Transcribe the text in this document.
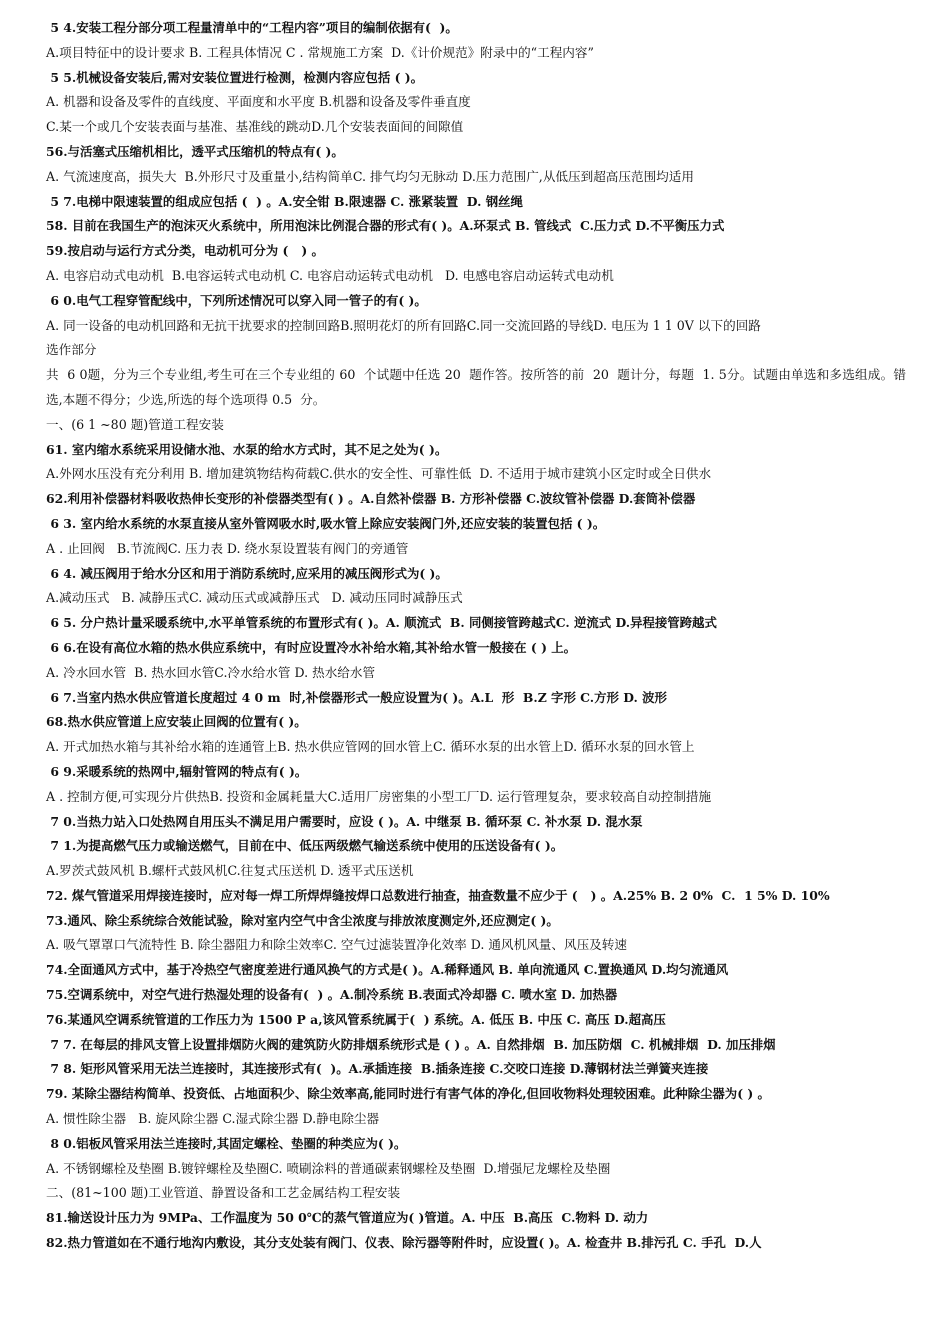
5 4.安装工程分部分项工程量清单中的“工程内容”项目的编制依据有(  )。

A.项目特征中的设计要求 B. 工程具体情况 C . 常规施工方案  D.《计价规范》附录中的“工程内容”

5 5.机械设备安装后,需对安装位置进行检测，检测内容应包括 ( )。

A. 机器和设备及零件的直线度、平面度和水平度 B.机器和设备及零件垂直度

C.某一个或几个安装表面与基准、基准线的跳动D.几个安装表面间的间隙值

56.与活塞式压缩机相比，透平式压缩机的特点有( )。

A. 气流速度高，损失大  B.外形尺寸及重量小,结构简单C. 排气均匀无脉动 D.压力范围广,从低压到超高压范围均适用

5 7.电梯中限速装置的组成应包括 (  ) 。A.安全钳 B.限速器 C. 涨紧装置  D. 钢丝绳

58. 目前在我国生产的泡沫灭火系统中，所用泡沫比例混合器的形式有( )。A.环泵式 B. 管线式  C.压力式 D.不平衡压力式

59.按启动与运行方式分类，电动机可分为 (   ) 。

A. 电容启动式电动机  B.电容运转式电动机 C. 电容启动运转式电动机   D. 电感电容启动运转式电动机

6 0.电气工程穿管配线中，下列所述情况可以穿入同一管子的有( )。

A. 同一设备的电动机回路和无抗干扰要求的控制回路B.照明花灯的所有回路C.同一交流回路的导线D. 电压为 1 1 0V 以下的回路

选作部分

共  6 0题，分为三个专业组,考生可在三个专业组的 60  个试题中任选 20  题作答。按所答的前  20  题计分，每题  1. 5分。试题由单选和多选组成。错选,本题不得分；少选,所选的每个选项得 0.5  分。

一、(6 1 ~80 题)管道工程安装

61. 室内缩水系统采用设储水池、水泵的给水方式时，其不足之处为( )。

A.外网水压没有充分利用 B. 增加建筑物结构荷载C.供水的安全性、可靠性低  D. 不适用于城市建筑小区定时或全日供水

62.利用补偿器材料吸收热伸长变形的补偿器类型有( ) 。A.自然补偿器 B. 方形补偿器 C.波纹管补偿器 D.套筒补偿器

6 3. 室内给水系统的水泵直接从室外管网吸水时,吸水管上除应安装阀门外,还应安装的装置包括 ( )。

A . 止回阀   B.节流阀C. 压力表 D. 绕水泵设置装有阀门的旁通管

6 4. 减压阀用于给水分区和用于消防系统时,应采用的减压阀形式为( )。

A.减动压式   B. 减静压式C. 减动压式或减静压式   D. 减动压同时减静压式

6 5. 分户热计量采暖系统中,水平单管系统的布置形式有( )。A. 顺流式  B. 同侧接管跨越式C. 逆流式 D.异程接管跨越式

6 6.在设有高位水箱的热水供应系统中，有时应设置冷水补给水箱,其补给水管一般接在 ( ) 上。

A. 冷水回水管  B. 热水回水管C.冷水给水管 D. 热水给水管

6 7.当室内热水供应管道长度超过 4 0 m  时,补偿器形式一般应设置为( )。A.L  形  B.Z 字形 C.方形 D. 波形

68.热水供应管道上应安装止回阀的位置有( )。

A. 开式加热水箱与其补给水箱的连通管上B. 热水供应管网的回水管上C. 循环水泵的出水管上D. 循环水泵的回水管上

6 9.采暖系统的热网中,辐射管网的特点有( )。

A . 控制方便,可实现分片供热B. 投资和金属耗量大C.适用厂房密集的小型工厂D. 运行管理复杂，要求较高自动控制措施

7 0.当热力站入口处热网自用压头不满足用户需要时，应设 ( )。A. 中继泵 B. 循环泵 C. 补水泵 D. 混水泵

7 1.为提高燃气压力或输送燃气，目前在中、低压两级燃气输送系统中使用的压送设备有( )。

A.罗茨式鼓风机 B.螺杆式鼓风机C.往复式压送机 D. 透平式压送机

72. 煤气管道采用焊接连接时，应对每一焊工所焊焊缝按焊口总数进行抽查，抽查数量不应少于 (   ) 。A.25% B. 2 0%  C.  1 5% D. 10%

73.通风、除尘系统综合效能试验，除对室内空气中含尘浓度与排放浓度测定外,还应测定( )。

A. 吸气罩罩口气流特性 B. 除尘器阻力和除尘效率C. 空气过滤装置净化效率 D. 通风机风量、风压及转速

74.全面通风方式中，基于冷热空气密度差进行通风换气的方式是( )。A.稀释通风 B. 单向流通风 C.置换通风 D.均匀流通风

75.空调系统中，对空气进行热湿处理的设备有(  ) 。A.制冷系统 B.表面式冷却器 C. 喷水室 D. 加热器

76.某通风空调系统管道的工作压力为 1500 P a,该风管系统属于(  ) 系统。A. 低压 B. 中压 C. 高压 D.超高压

7 7. 在每层的排风支管上设置排烟防火阀的建筑防火防排烟系统形式是 ( ) 。A. 自然排烟  B. 加压防烟  C. 机械排烟  D. 加压排烟

7 8. 矩形风管采用无法兰连接时，其连接形式有(  )。A.承插连接  B.插条连接 C.交咬口连接 D.薄钢材法兰弹簧夹连接

79. 某除尘器结构简单、投资低、占地面积少、除尘效率高,能同时进行有害气体的净化,但回收物料处理较困难。此种除尘器为( ) 。

A. 惯性除尘器   B. 旋风除尘器 C.湿式除尘器 D.静电除尘器

8 0.铝板风管采用法兰连接时,其固定螺栓、垫圈的种类应为( )。

A. 不锈钢螺栓及垫圈 B.镀锌螺栓及垫圈C. 喷刷涂料的普通碳素钢螺栓及垫圈  D.增强尼龙螺栓及垫圈

二、(81~100 题)工业管道、静置设备和工艺金属结构工程安装

81.输送设计压力为 9MPa、工作温度为 50 0℃的蒸气管道应为( )管道。A. 中压  B.高压  C.物料 D. 动力

82.热力管道如在不通行地沟内敷设，其分支处装有阀门、仪表、除污器等附件时，应设置( )。A. 检查井 B.排污孔 C. 手孔  D.人
